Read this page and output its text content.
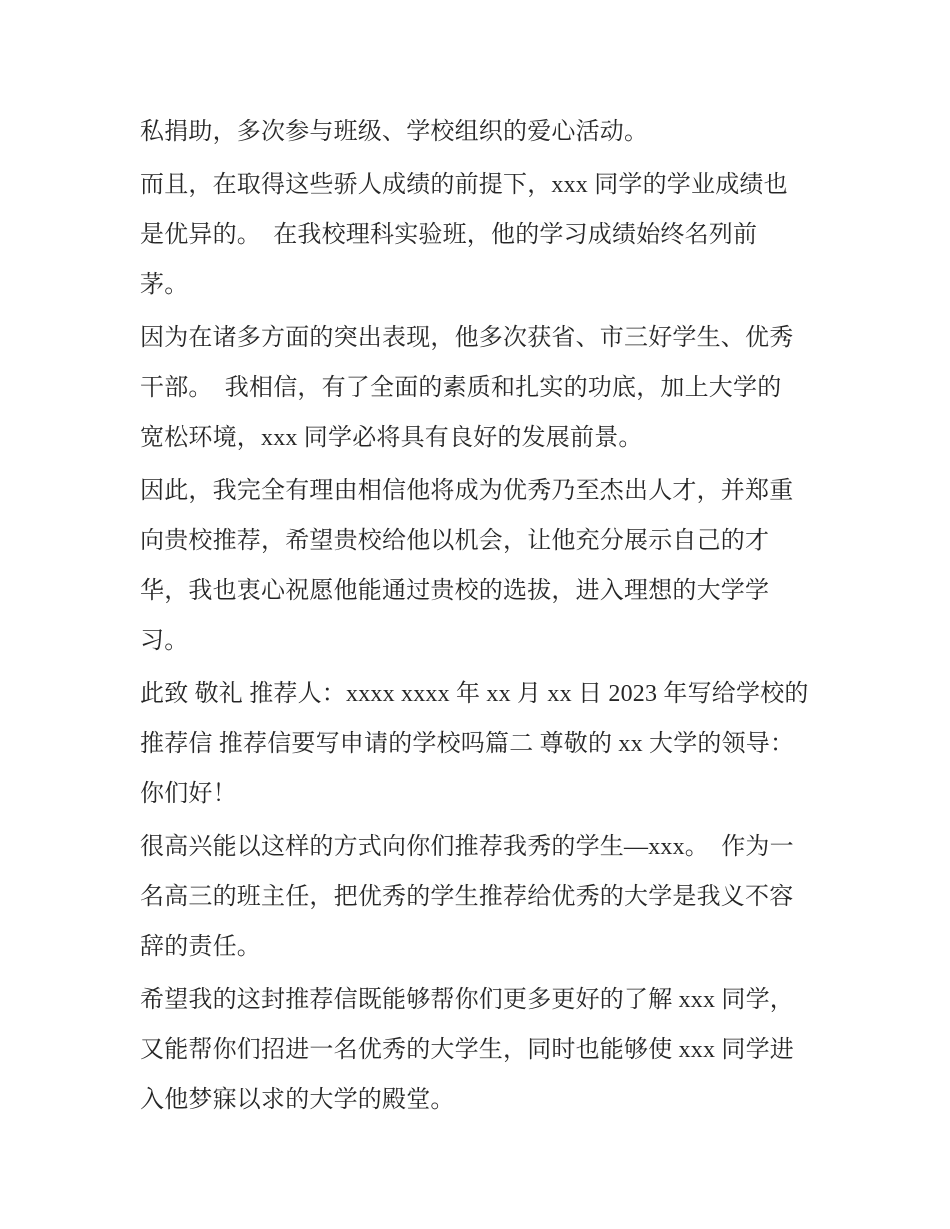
私捐助，多次参与班级、学校组织的爱心活动。

而且，在取得这些骄人成绩的前提下，xxx 同学的学业成绩也
是优异的。　在我校理科实验班，他的学习成绩始终名列前
茅。

因为在诸多方面的突出表现，他多次获省、市三好学生、优秀
干部。　我相信，有了全面的素质和扎实的功底，加上大学的
宽松环境，xxx 同学必将具有良好的发展前景。

因此，我完全有理由相信他将成为优秀乃至杰出人才，并郑重
向贵校推荐，希望贵校给他以机会，让他充分展示自己的才
华，我也衷心祝愿他能通过贵校的选拔，进入理想的大学学
习。

此致 敬礼 推荐人：xxxx xxxx 年 xx 月 xx 日 2023 年写给学校的
推荐信 推荐信要写申请的学校吗篇二 尊敬的 xx 大学的领导：
你们好！

很高兴能以这样的方式向你们推荐我秀的学生—xxx。　作为一
名高三的班主任，把优秀的学生推荐给优秀的大学是我义不容
辞的责任。

希望我的这封推荐信既能够帮你们更多更好的了解 xxx 同学，
又能帮你们招进一名优秀的大学生，同时也能够使 xxx 同学进
入他梦寐以求的大学的殿堂。
